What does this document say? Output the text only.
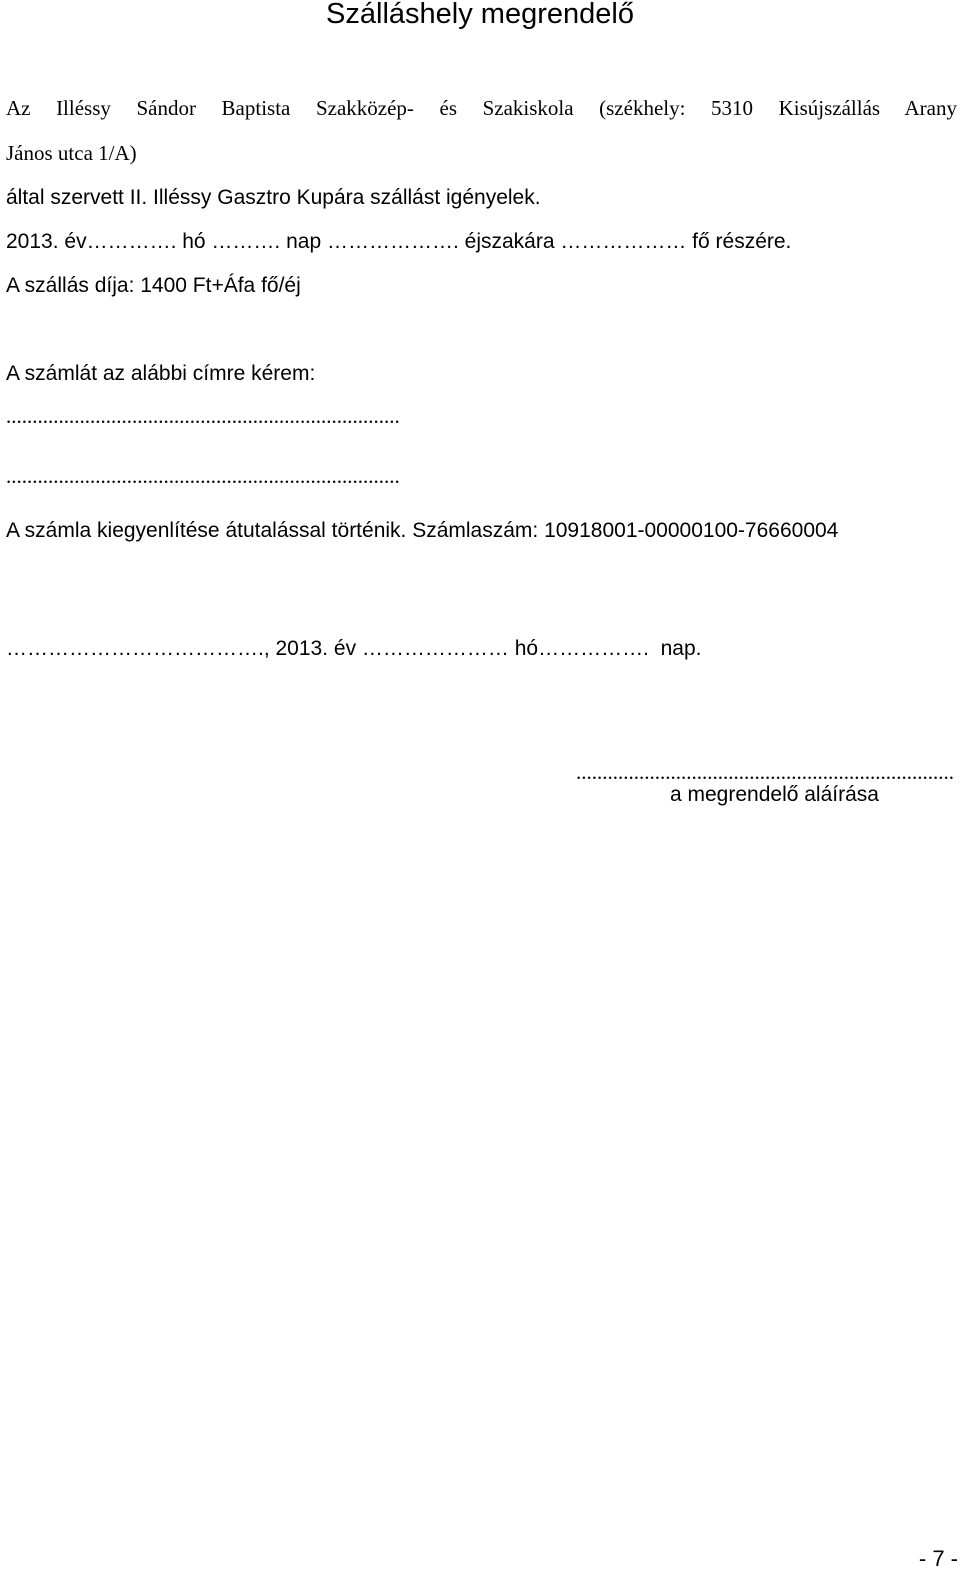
Szálláshely megrendelő
Az Illéssy Sándor Baptista Szakközép- és Szakiskola (székhely: 5310 Kisújszállás Arany
János utca 1/A)
által szervett II. Illéssy Gasztro Kupára szállást igényelek.
2013. év…………. hó ………. nap ………………. éjszakára ……………… fő részére.
A szállás díja: 1400 Ft+Áfa fő/éj
A számlát az alábbi címre kérem:
...........................................................................
...........................................................................
A számla kiegyenlítése átutalással történik. Számlaszám: 10918001-00000100-76660004
………………………………., 2013. év ………………… hó…………….  nap.
........................................................................
a megrendelő aláírása
- 7 -
